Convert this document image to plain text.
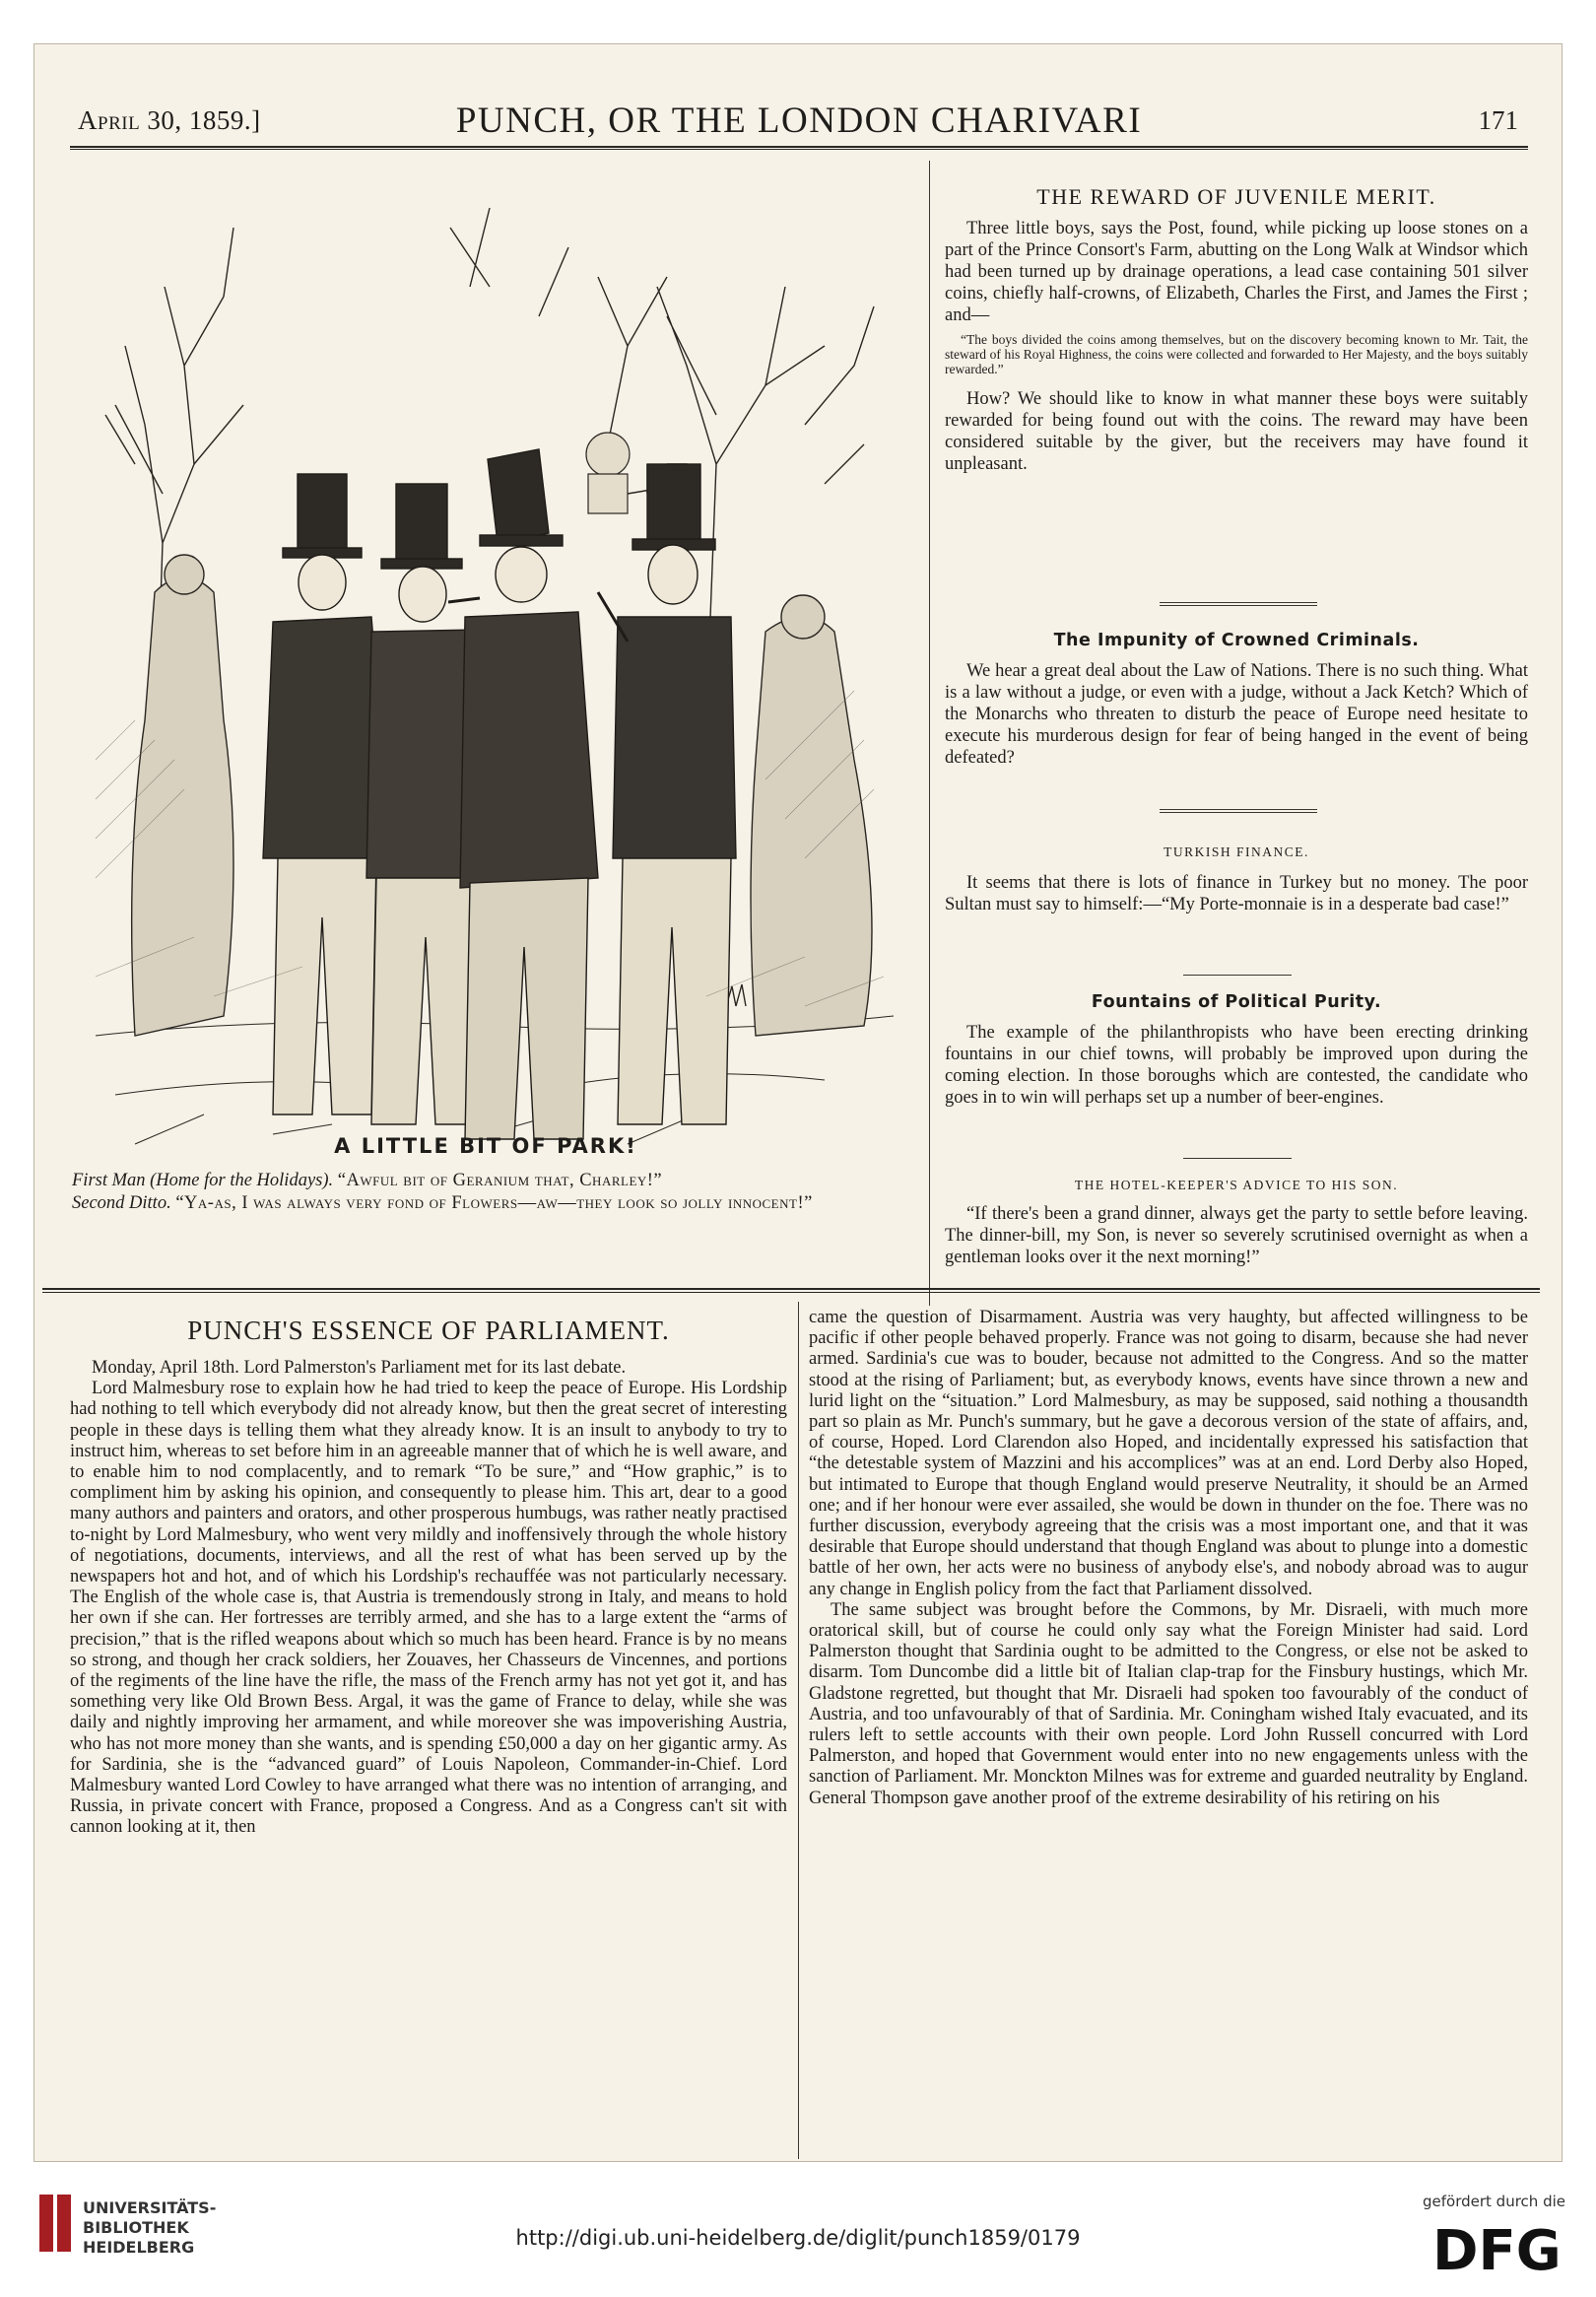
April 30, 1859.]	PUNCH, OR THE LONDON CHARIVARI	171
A LITTLE BIT OF PARK!
First Man (Home for the Holidays). “Awful bit of Geranium that, Charley!”
Second Ditto. “Ya-as, I was always very fond of Flowers—aw—they look so jolly innocent!”
THE REWARD OF JUVENILE MERIT.

Three little boys, says the Post, found, while picking up loose stones on a part of the Prince Consort's Farm, abutting on the Long Walk at Windsor which had been turned up by drainage operations, a lead case containing 501 silver coins, chiefly half-crowns, of Elizabeth, Charles the First, and James the First ; and—

“The boys divided the coins among themselves, but on the discovery becoming known to Mr. Tait, the steward of his Royal Highness, the coins were collected and forwarded to Her Majesty, and the boys suitably rewarded.”

How? We should like to know in what manner these boys were suitably rewarded for being found out with the coins. The reward may have been considered suitable by the giver, but the receivers may have found it unpleasant.

The Impunity of Crowned Criminals.

We hear a great deal about the Law of Nations. There is no such thing. What is a law without a judge, or even with a judge, without a Jack Ketch? Which of the Monarchs who threaten to disturb the peace of Europe need hesitate to execute his murderous design for fear of being hanged in the event of being defeated?

TURKISH FINANCE.

It seems that there is lots of finance in Turkey but no money. The poor Sultan must say to himself:—“My Porte-monnaie is in a desperate bad case!”

Fountains of Political Purity.

The example of the philanthropists who have been erecting drinking fountains in our chief towns, will probably be improved upon during the coming election. In those boroughs which are contested, the candidate who goes in to win will perhaps set up a number of beer-engines.

THE HOTEL-KEEPER'S ADVICE TO HIS SON.

“If there's been a grand dinner, always get the party to settle before leaving. The dinner-bill, my Son, is never so severely scrutinised overnight as when a gentleman looks over it the next morning!”

PUNCH'S ESSENCE OF PARLIAMENT.

Monday, April 18th. Lord Palmerston's Parliament met for its last debate.

Lord Malmesbury rose to explain how he had tried to keep the peace of Europe. His Lordship had nothing to tell which everybody did not already know, but then the great secret of interesting people in these days is telling them what they already know. It is an insult to anybody to try to instruct him, whereas to set before him in an agreeable manner that of which he is well aware, and to enable him to nod complacently, and to remark “To be sure,” and “How graphic,” is to compliment him by asking his opinion, and consequently to please him. This art, dear to a good many authors and painters and orators, and other prosperous humbugs, was rather neatly practised to-night by Lord Malmesbury, who went very mildly and inoffensively through the whole history of negotiations, documents, interviews, and all the rest of what has been served up by the newspapers hot and hot, and of which his Lordship's rechauffée was not particularly necessary. The English of the whole case is, that Austria is tremendously strong in Italy, and means to hold her own if she can. Her fortresses are terribly armed, and she has to a large extent the “arms of precision,” that is the rifled weapons about which so much has been heard. France is by no means so strong, and though her crack soldiers, her Zouaves, her Chasseurs de Vincennes, and portions of the regiments of the line have the rifle, the mass of the French army has not yet got it, and has something very like Old Brown Bess. Argal, it was the game of France to delay, while she was daily and nightly improving her armament, and while moreover she was impoverishing Austria, who has not more money than she wants, and is spending £50,000 a day on her gigantic army. As for Sardinia, she is the “advanced guard” of Louis Napoleon, Commander-in-Chief. Lord Malmesbury wanted Lord Cowley to have arranged what there was no intention of arranging, and Russia, in private concert with France, proposed a Congress. And as a Congress can't sit with cannon looking at it, then

came the question of Disarmament. Austria was very haughty, but affected willingness to be pacific if other people behaved properly. France was not going to disarm, because she had never armed. Sardinia's cue was to bouder, because not admitted to the Congress. And so the matter stood at the rising of Parliament; but, as everybody knows, events have since thrown a new and lurid light on the “situation.” Lord Malmesbury, as may be supposed, said nothing a thousandth part so plain as Mr. Punch's summary, but he gave a decorous version of the state of affairs, and, of course, Hoped. Lord Clarendon also Hoped, and incidentally expressed his satisfaction that “the detestable system of Mazzini and his accomplices” was at an end. Lord Derby also Hoped, but intimated to Europe that though England would preserve Neutrality, it should be an Armed one; and if her honour were ever assailed, she would be down in thunder on the foe. There was no further discussion, everybody agreeing that the crisis was a most important one, and that it was desirable that Europe should understand that though England was about to plunge into a domestic battle of her own, her acts were no business of anybody else's, and nobody abroad was to augur any change in English policy from the fact that Parliament dissolved.

The same subject was brought before the Commons, by Mr. Disraeli, with much more oratorical skill, but of course he could only say what the Foreign Minister had said. Lord Palmerston thought that Sardinia ought to be admitted to the Congress, or else not be asked to disarm. Tom Duncombe did a little bit of Italian clap-trap for the Finsbury hustings, which Mr. Gladstone regretted, but thought that Mr. Disraeli had spoken too favourably of the conduct of Austria, and too unfavourably of that of Sardinia. Mr. Coningham wished Italy evacuated, and its rulers left to settle accounts with their own people. Lord John Russell concurred with Lord Palmerston, and hoped that Government would enter into no new engagements unless with the sanction of Parliament. Mr. Monckton Milnes was for extreme and guarded neutrality by England. General Thompson gave another proof of the extreme desirability of his retiring on his

UNIVERSITÄTS-
BIBLIOTHEK
HEIDELBERG	http://digi.ub.uni-heidelberg.de/diglit/punch1859/0179
gefördert durch die
DFG
